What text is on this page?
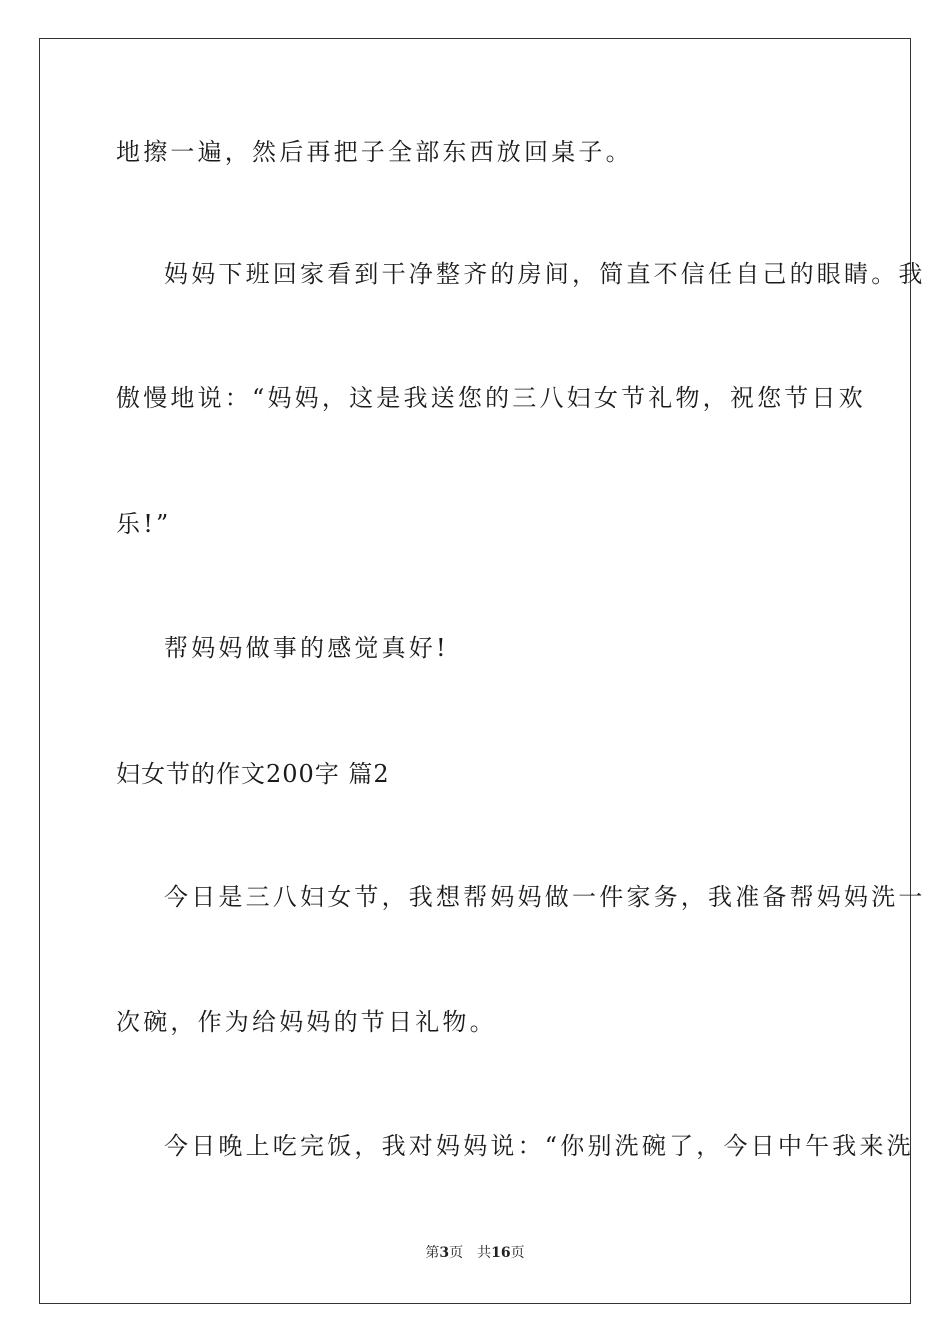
地擦一遍，然后再把子全部东西放回桌子。

妈妈下班回家看到干净整齐的房间，简直不信任自己的眼睛。我

傲慢地说：“妈妈，这是我送您的三八妇女节礼物，祝您节日欢

乐!”

帮妈妈做事的感觉真好!

妇女节的作文200字 篇2

今日是三八妇女节，我想帮妈妈做一件家务，我准备帮妈妈洗一

次碗，作为给妈妈的节日礼物。

今日晚上吃完饭，我对妈妈说：“你别洗碗了，今日中午我来洗

第3页 共16页
